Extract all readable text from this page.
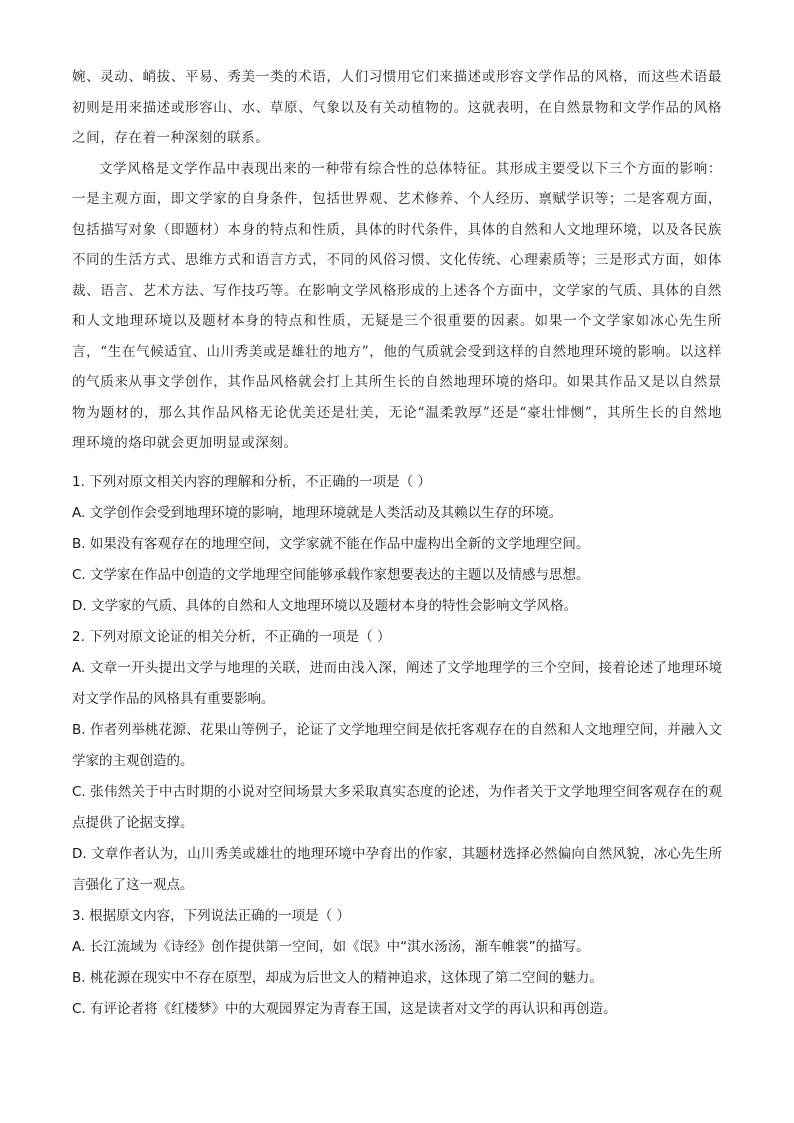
婉、灵动、峭拔、平易、秀美一类的术语，人们习惯用它们来描述或形容文学作品的风格，而这些术语最初则是用来描述或形容山、水、草原、气象以及有关动植物的。这就表明，在自然景物和文学作品的风格之间，存在着一种深刻的联系。

文学风格是文学作品中表现出来的一种带有综合性的总体特征。其形成主要受以下三个方面的影响：一是主观方面，即文学家的自身条件，包括世界观、艺术修养、个人经历、禀赋学识等；二是客观方面，包括描写对象（即题材）本身的特点和性质，具体的时代条件，具体的自然和人文地理环境，以及各民族不同的生活方式、思维方式和语言方式，不同的风俗习惯、文化传统、心理素质等；三是形式方面，如体裁、语言、艺术方法、写作技巧等。在影响文学风格形成的上述各个方面中，文学家的气质、具体的自然和人文地理环境以及题材本身的特点和性质，无疑是三个很重要的因素。如果一个文学家如冰心先生所言，“生在气候适宜、山川秀美或是雄壮的地方”，他的气质就会受到这样的自然地理环境的影响。以这样的气质来从事文学创作，其作品风格就会打上其所生长的自然地理环境的烙印。如果其作品又是以自然景物为题材的，那么其作品风格无论优美还是壮美，无论“温柔敦厚”还是“豪壮悱恻”，其所生长的自然地理环境的烙印就会更加明显或深刻。

1. 下列对原文相关内容的理解和分析，不正确的一项是（ ）

A. 文学创作会受到地理环境的影响，地理环境就是人类活动及其赖以生存的环境。

B. 如果没有客观存在的地理空间，文学家就不能在作品中虚构出全新的文学地理空间。

C. 文学家在作品中创造的文学地理空间能够承载作家想要表达的主题以及情感与思想。

D. 文学家的气质、具体的自然和人文地理环境以及题材本身的特性会影响文学风格。

2. 下列对原文论证的相关分析，不正确的一项是（ ）

A. 文章一开头提出文学与地理的关联，进而由浅入深，阐述了文学地理学的三个空间，接着论述了地理环境对文学作品的风格具有重要影响。

B. 作者列举桃花源、花果山等例子，论证了文学地理空间是依托客观存在的自然和人文地理空间，并融入文学家的主观创造的。

C. 张伟然关于中古时期的小说对空间场景大多采取真实态度的论述，为作者关于文学地理空间客观存在的观点提供了论据支撑。

D. 文章作者认为，山川秀美或雄壮的地理环境中孕育出的作家，其题材选择必然偏向自然风貌，冰心先生所言强化了这一观点。

3. 根据原文内容，下列说法正确的一项是（ ）

A. 长江流域为《诗经》创作提供第一空间，如《氓》中“淇水汤汤，渐车帷裳”的描写。

B. 桃花源在现实中不存在原型，却成为后世文人的精神追求，这体现了第二空间的魅力。

C. 有评论者将《红楼梦》中的大观园界定为青春王国，这是读者对文学的再认识和再创造。
